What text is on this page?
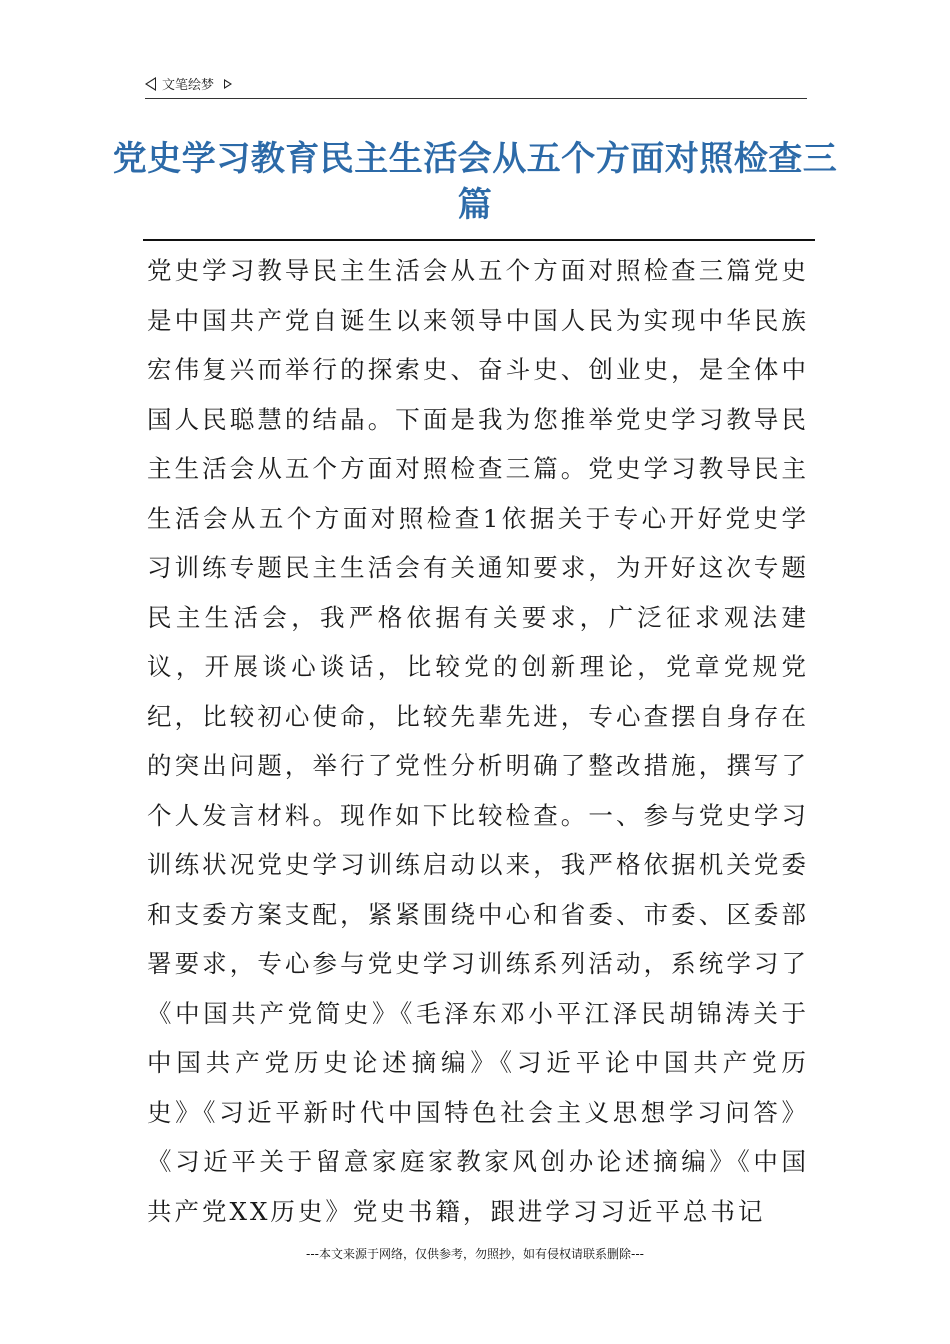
文笔绘梦
党史学习教育民主生活会从五个方面对照检查三篇
党史学习教导民主生活会从五个方面对照检查三篇党史是中国共产党自诞生以来领导中国人民为实现中华民族宏伟复兴而举行的探索史、奋斗史、创业史，是全体中国人民聪慧的结晶。下面是我为您推举党史学习教导民主生活会从五个方面对照检查三篇。党史学习教导民主生活会从五个方面对照检查1依据关于专心开好党史学习训练专题民主生活会有关通知要求，为开好这次专题民主生活会，我严格依据有关要求，广泛征求观法建议，开展谈心谈话，比较党的创新理论，党章党规党纪，比较初心使命，比较先辈先进，专心查摆自身存在的突出问题，举行了党性分析明确了整改措施，撰写了个人发言材料。现作如下比较检查。一、参与党史学习训练状况党史学习训练启动以来，我严格依据机关党委和支委方案支配，紧紧围绕中心和省委、市委、区委部署要求，专心参与党史学习训练系列活动，系统学习了《中国共产党简史》《毛泽东邓小平江泽民胡锦涛关于中国共产党历史论述摘编》《习近平论中国共产党历史》《习近平新时代中国特色社会主义思想学习问答》《习近平关于留意家庭家教家风创办论述摘编》《中国共产党XX历史》党史书籍，跟进学习习近平总书记
---本文来源于网络，仅供参考，勿照抄，如有侵权请联系删除---
